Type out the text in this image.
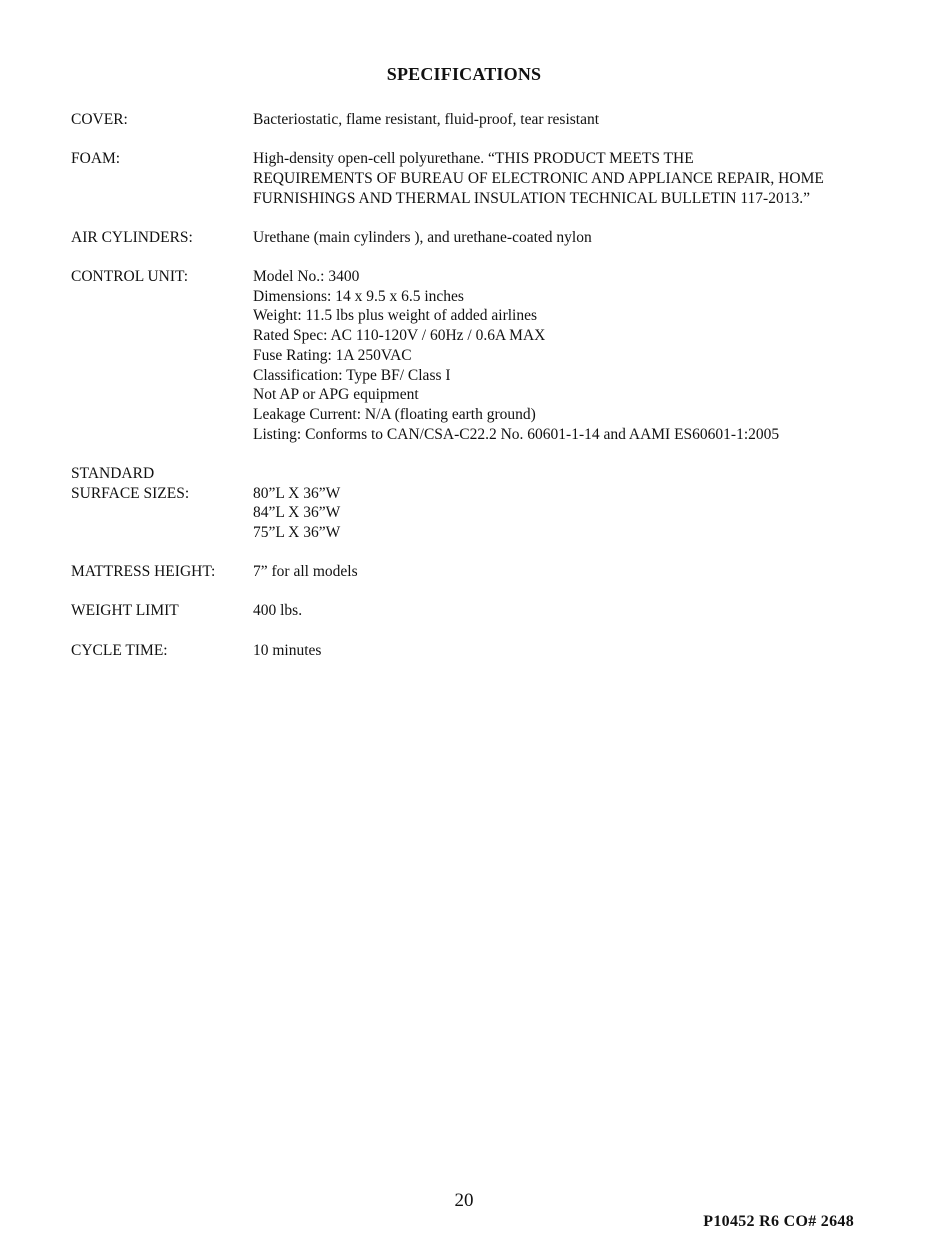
SPECIFICATIONS
COVER:	Bacteriostatic, flame resistant, fluid-proof, tear resistant
FOAM:	High-density open-cell polyurethane. “THIS PRODUCT MEETS THE
REQUIREMENTS OF BUREAU OF ELECTRONIC AND APPLIANCE REPAIR, HOME
FURNISHINGS AND THERMAL INSULATION TECHNICAL BULLETIN 117-2013.”
AIR CYLINDERS:	Urethane (main cylinders ), and urethane-coated nylon
CONTROL UNIT:	Model No.: 3400
Dimensions: 14 x 9.5 x 6.5 inches
Weight: 11.5 lbs plus weight of added airlines
Rated Spec: AC 110-120V / 60Hz / 0.6A MAX
Fuse Rating: 1A 250VAC
Classification: Type BF/ Class I
Not AP or APG equipment
Leakage Current: N/A (floating earth ground)
Listing: Conforms to CAN/CSA-C22.2 No. 60601-1-14 and AAMI ES60601-1:2005
STANDARD
SURFACE SIZES:
	80”L X 36”W
84”L X 36”W
75”L X 36”W
MATTRESS HEIGHT:	7” for all models
WEIGHT LIMIT	400 lbs.
CYCLE TIME:	10 minutes
20
P10452 R6 CO# 2648
